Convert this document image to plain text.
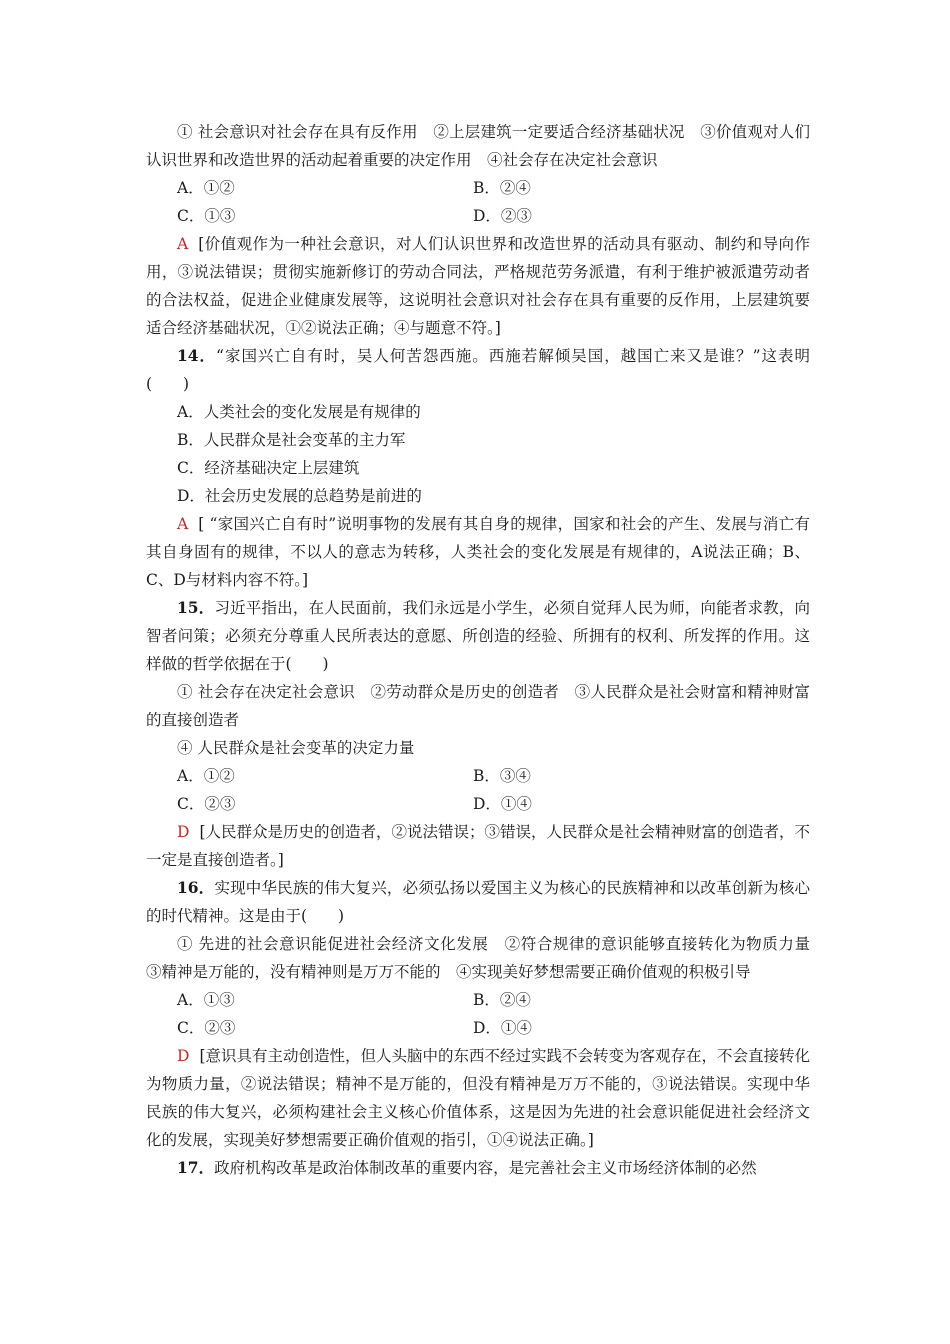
① 社会意识对社会存在具有反作用　②上层建筑一定要适合经济基础状况　③价值观对人们认识世界和改造世界的活动起着重要的决定作用　④社会存在决定社会意识
A．①②	B．②④
C．①③	D．②③
A [价值观作为一种社会意识，对人们认识世界和改造世界的活动具有驱动、制约和导向作用，③说法错误；贯彻实施新修订的劳动合同法，严格规范劳务派遣，有利于维护被派遣劳动者的合法权益，促进企业健康发展等，这说明社会意识对社会存在具有重要的反作用，上层建筑要适合经济基础状况，①②说法正确；④与题意不符。]
14．“家国兴亡自有时，吴人何苦怨西施。西施若解倾吴国，越国亡来又是谁？”这表明(　　)
A．人类社会的变化发展是有规律的
B．人民群众是社会变革的主力军
C．经济基础决定上层建筑
D．社会历史发展的总趋势是前进的
A [ “家国兴亡自有时”说明事物的发展有其自身的规律，国家和社会的产生、发展与消亡有其自身固有的规律，不以人的意志为转移，人类社会的变化发展是有规律的，A说法正确；B、C、D与材料内容不符。]
15．习近平指出，在人民面前，我们永远是小学生，必须自觉拜人民为师，向能者求教，向智者问策；必须充分尊重人民所表达的意愿、所创造的经验、所拥有的权利、所发挥的作用。这样做的哲学依据在于(　　)
① 社会存在决定社会意识　②劳动群众是历史的创造者　③人民群众是社会财富和精神财富的直接创造者
④ 人民群众是社会变革的决定力量
A．①②	B．③④
C．②③	D．①④
D [人民群众是历史的创造者，②说法错误；③错误，人民群众是社会精神财富的创造者，不一定是直接创造者。]
16．实现中华民族的伟大复兴，必须弘扬以爱国主义为核心的民族精神和以改革创新为核心的时代精神。这是由于(　　)
① 先进的社会意识能促进社会经济文化发展　②符合规律的意识能够直接转化为物质力量　③精神是万能的，没有精神则是万万不能的　④实现美好梦想需要正确价值观的积极引导
A．①③	B．②④
C．②③	D．①④
D [意识具有主动创造性，但人头脑中的东西不经过实践不会转变为客观存在，不会直接转化为物质力量，②说法错误；精神不是万能的，但没有精神是万万不能的，③说法错误。实现中华民族的伟大复兴，必须构建社会主义核心价值体系，这是因为先进的社会意识能促进社会经济文化的发展，实现美好梦想需要正确价值观的指引，①④说法正确。]
17．政府机构改革是政治体制改革的重要内容，是完善社会主义市场经济体制的必然
